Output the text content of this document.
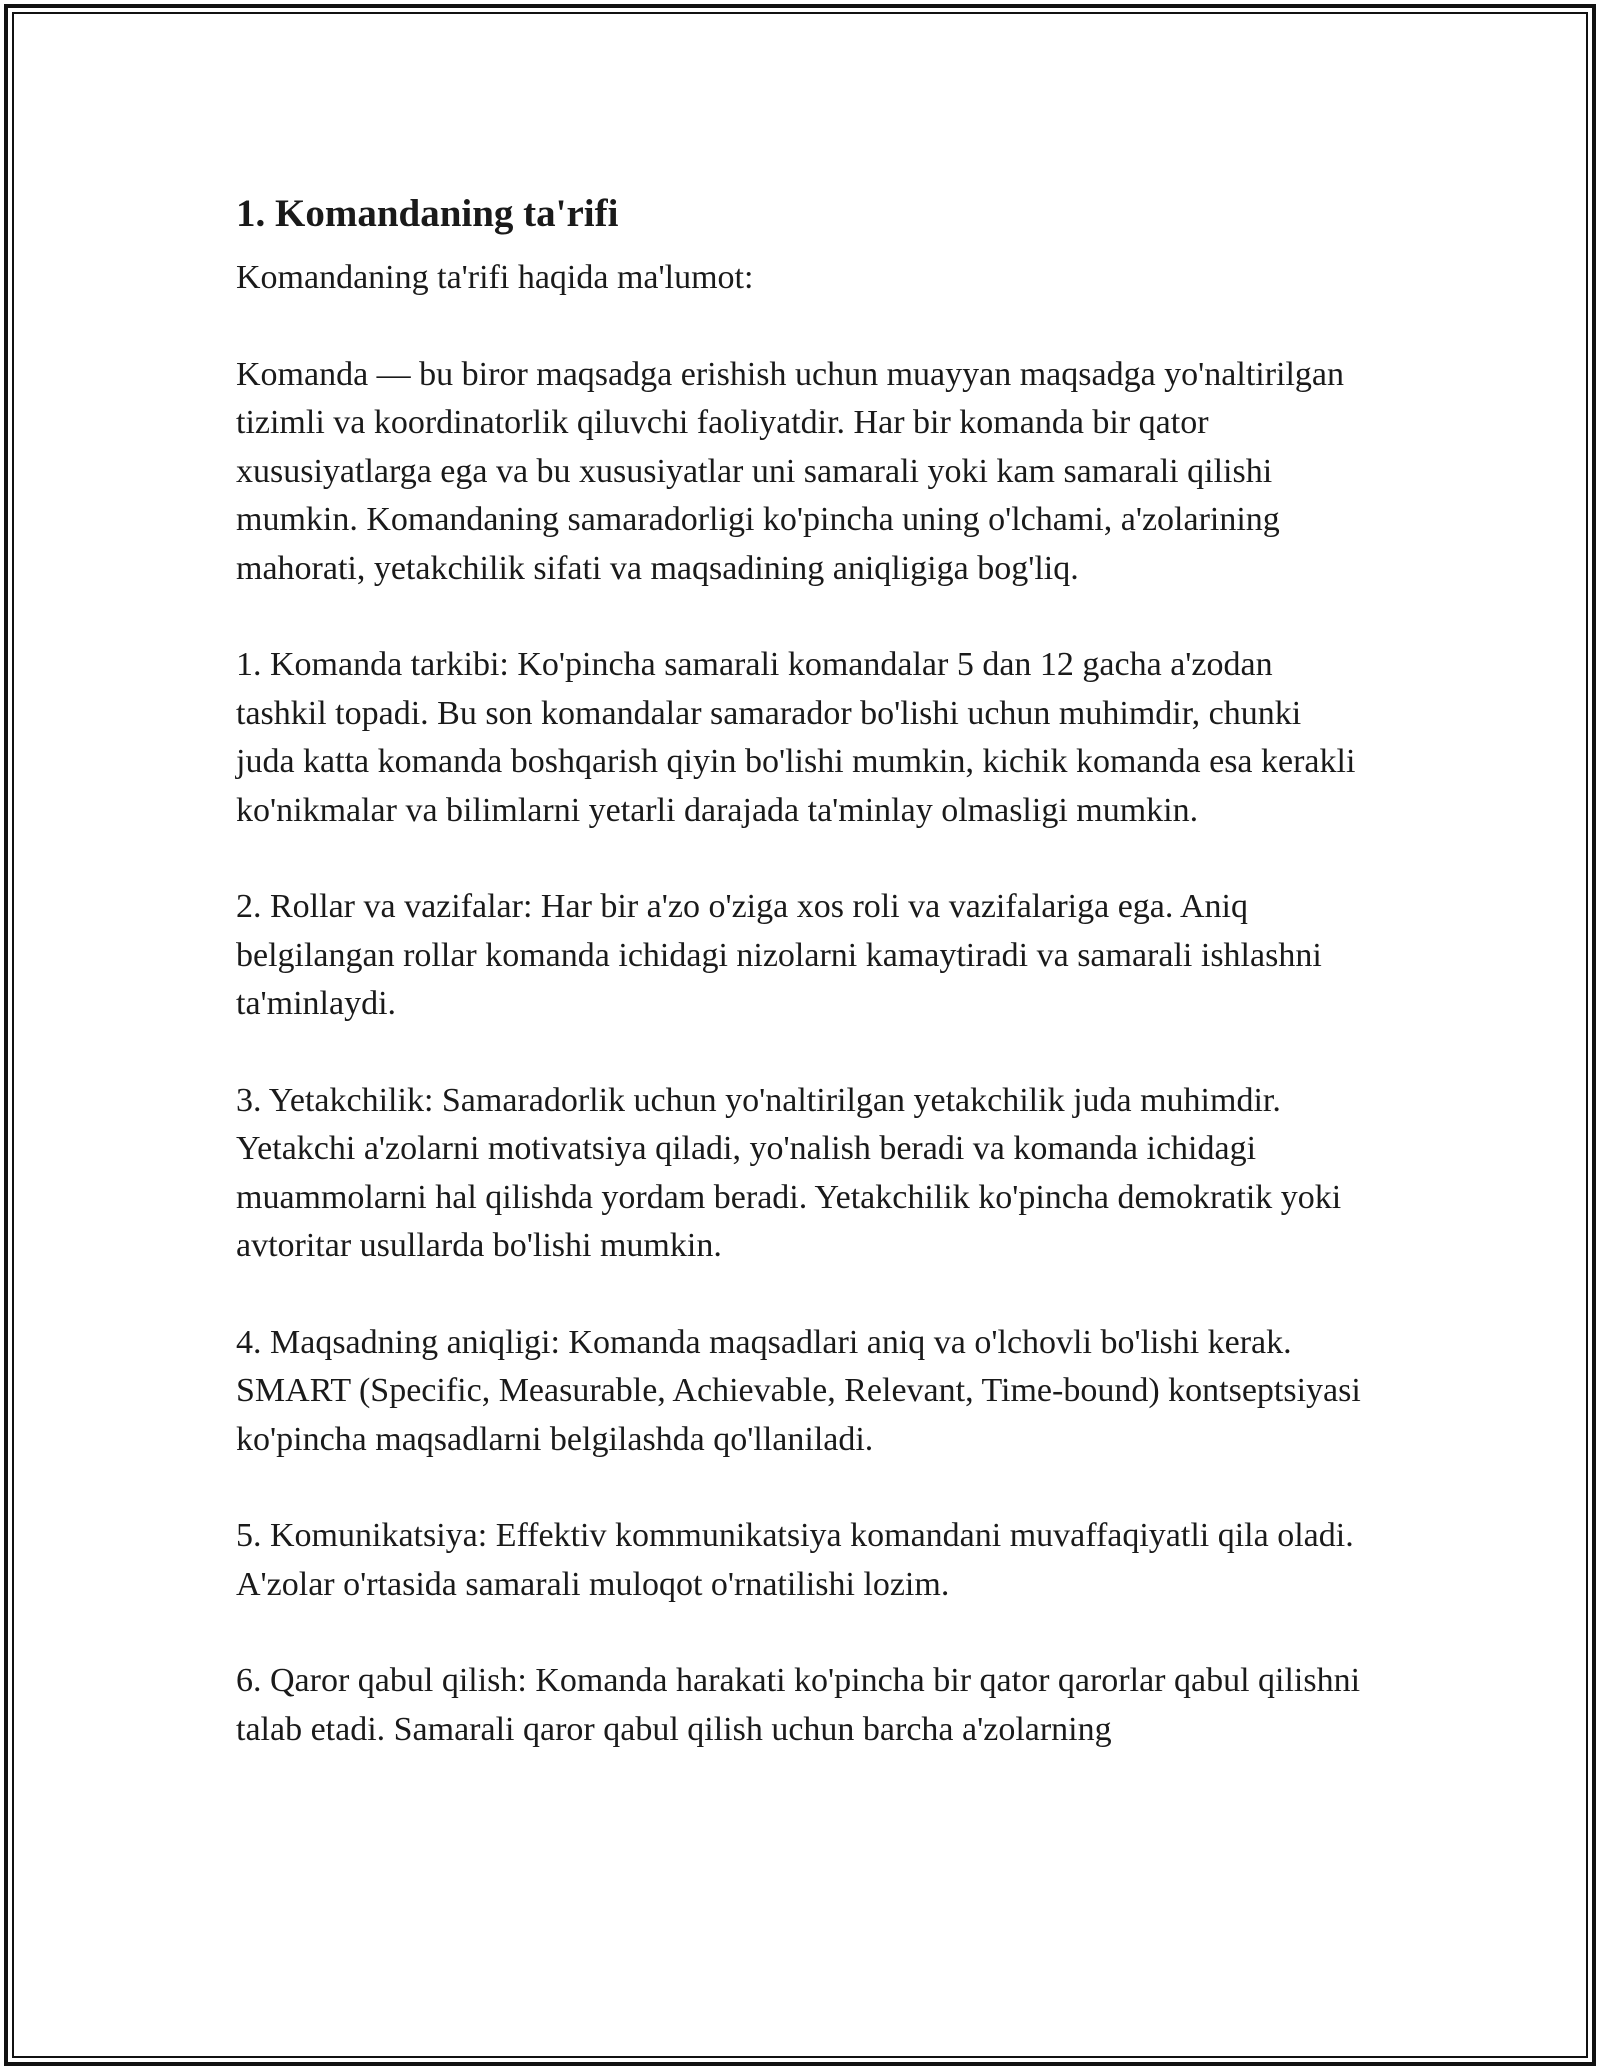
1. Komandaning ta'rifi

Komandaning ta'rifi haqida ma'lumot:

Komanda — bu biror maqsadga erishish uchun muayyan maqsadga yo'naltirilgan tizimli va koordinatorlik qiluvchi faoliyatdir. Har bir komanda bir qator xususiyatlarga ega va bu xususiyatlar uni samarali yoki kam samarali qilishi mumkin. Komandaning samaradorligi ko'pincha uning o'lchami, a'zolarining mahorati, yetakchilik sifati va maqsadining aniqligiga bog'liq.

1. Komanda tarkibi: Ko'pincha samarali komandalar 5 dan 12 gacha a'zodan tashkil topadi. Bu son komandalar samarador bo'lishi uchun muhimdir, chunki juda katta komanda boshqarish qiyin bo'lishi mumkin, kichik komanda esa kerakli ko'nikmalar va bilimlarni yetarli darajada ta'minlay olmasligi mumkin.

2. Rollar va vazifalar: Har bir a'zo o'ziga xos roli va vazifalariga ega. Aniq belgilangan rollar komanda ichidagi nizolarni kamaytiradi va samarali ishlashni ta'minlaydi.

3. Yetakchilik: Samaradorlik uchun yo'naltirilgan yetakchilik juda muhimdir. Yetakchi a'zolarni motivatsiya qiladi, yo'nalish beradi va komanda ichidagi muammolarni hal qilishda yordam beradi. Yetakchilik ko'pincha demokratik yoki avtoritar usullarda bo'lishi mumkin.

4. Maqsadning aniqligi: Komanda maqsadlari aniq va o'lchovli bo'lishi kerak. SMART (Specific, Measurable, Achievable, Relevant, Time-bound) kontseptsiyasi ko'pincha maqsadlarni belgilashda qo'llaniladi.

5. Komunikatsiya: Effektiv kommunikatsiya komandani muvaffaqiyatli qila oladi. A'zolar o'rtasida samarali muloqot o'rnatilishi lozim.

6. Qaror qabul qilish: Komanda harakati ko'pincha bir qator qarorlar qabul qilishni talab etadi. Samarali qaror qabul qilish uchun barcha a'zolarning
